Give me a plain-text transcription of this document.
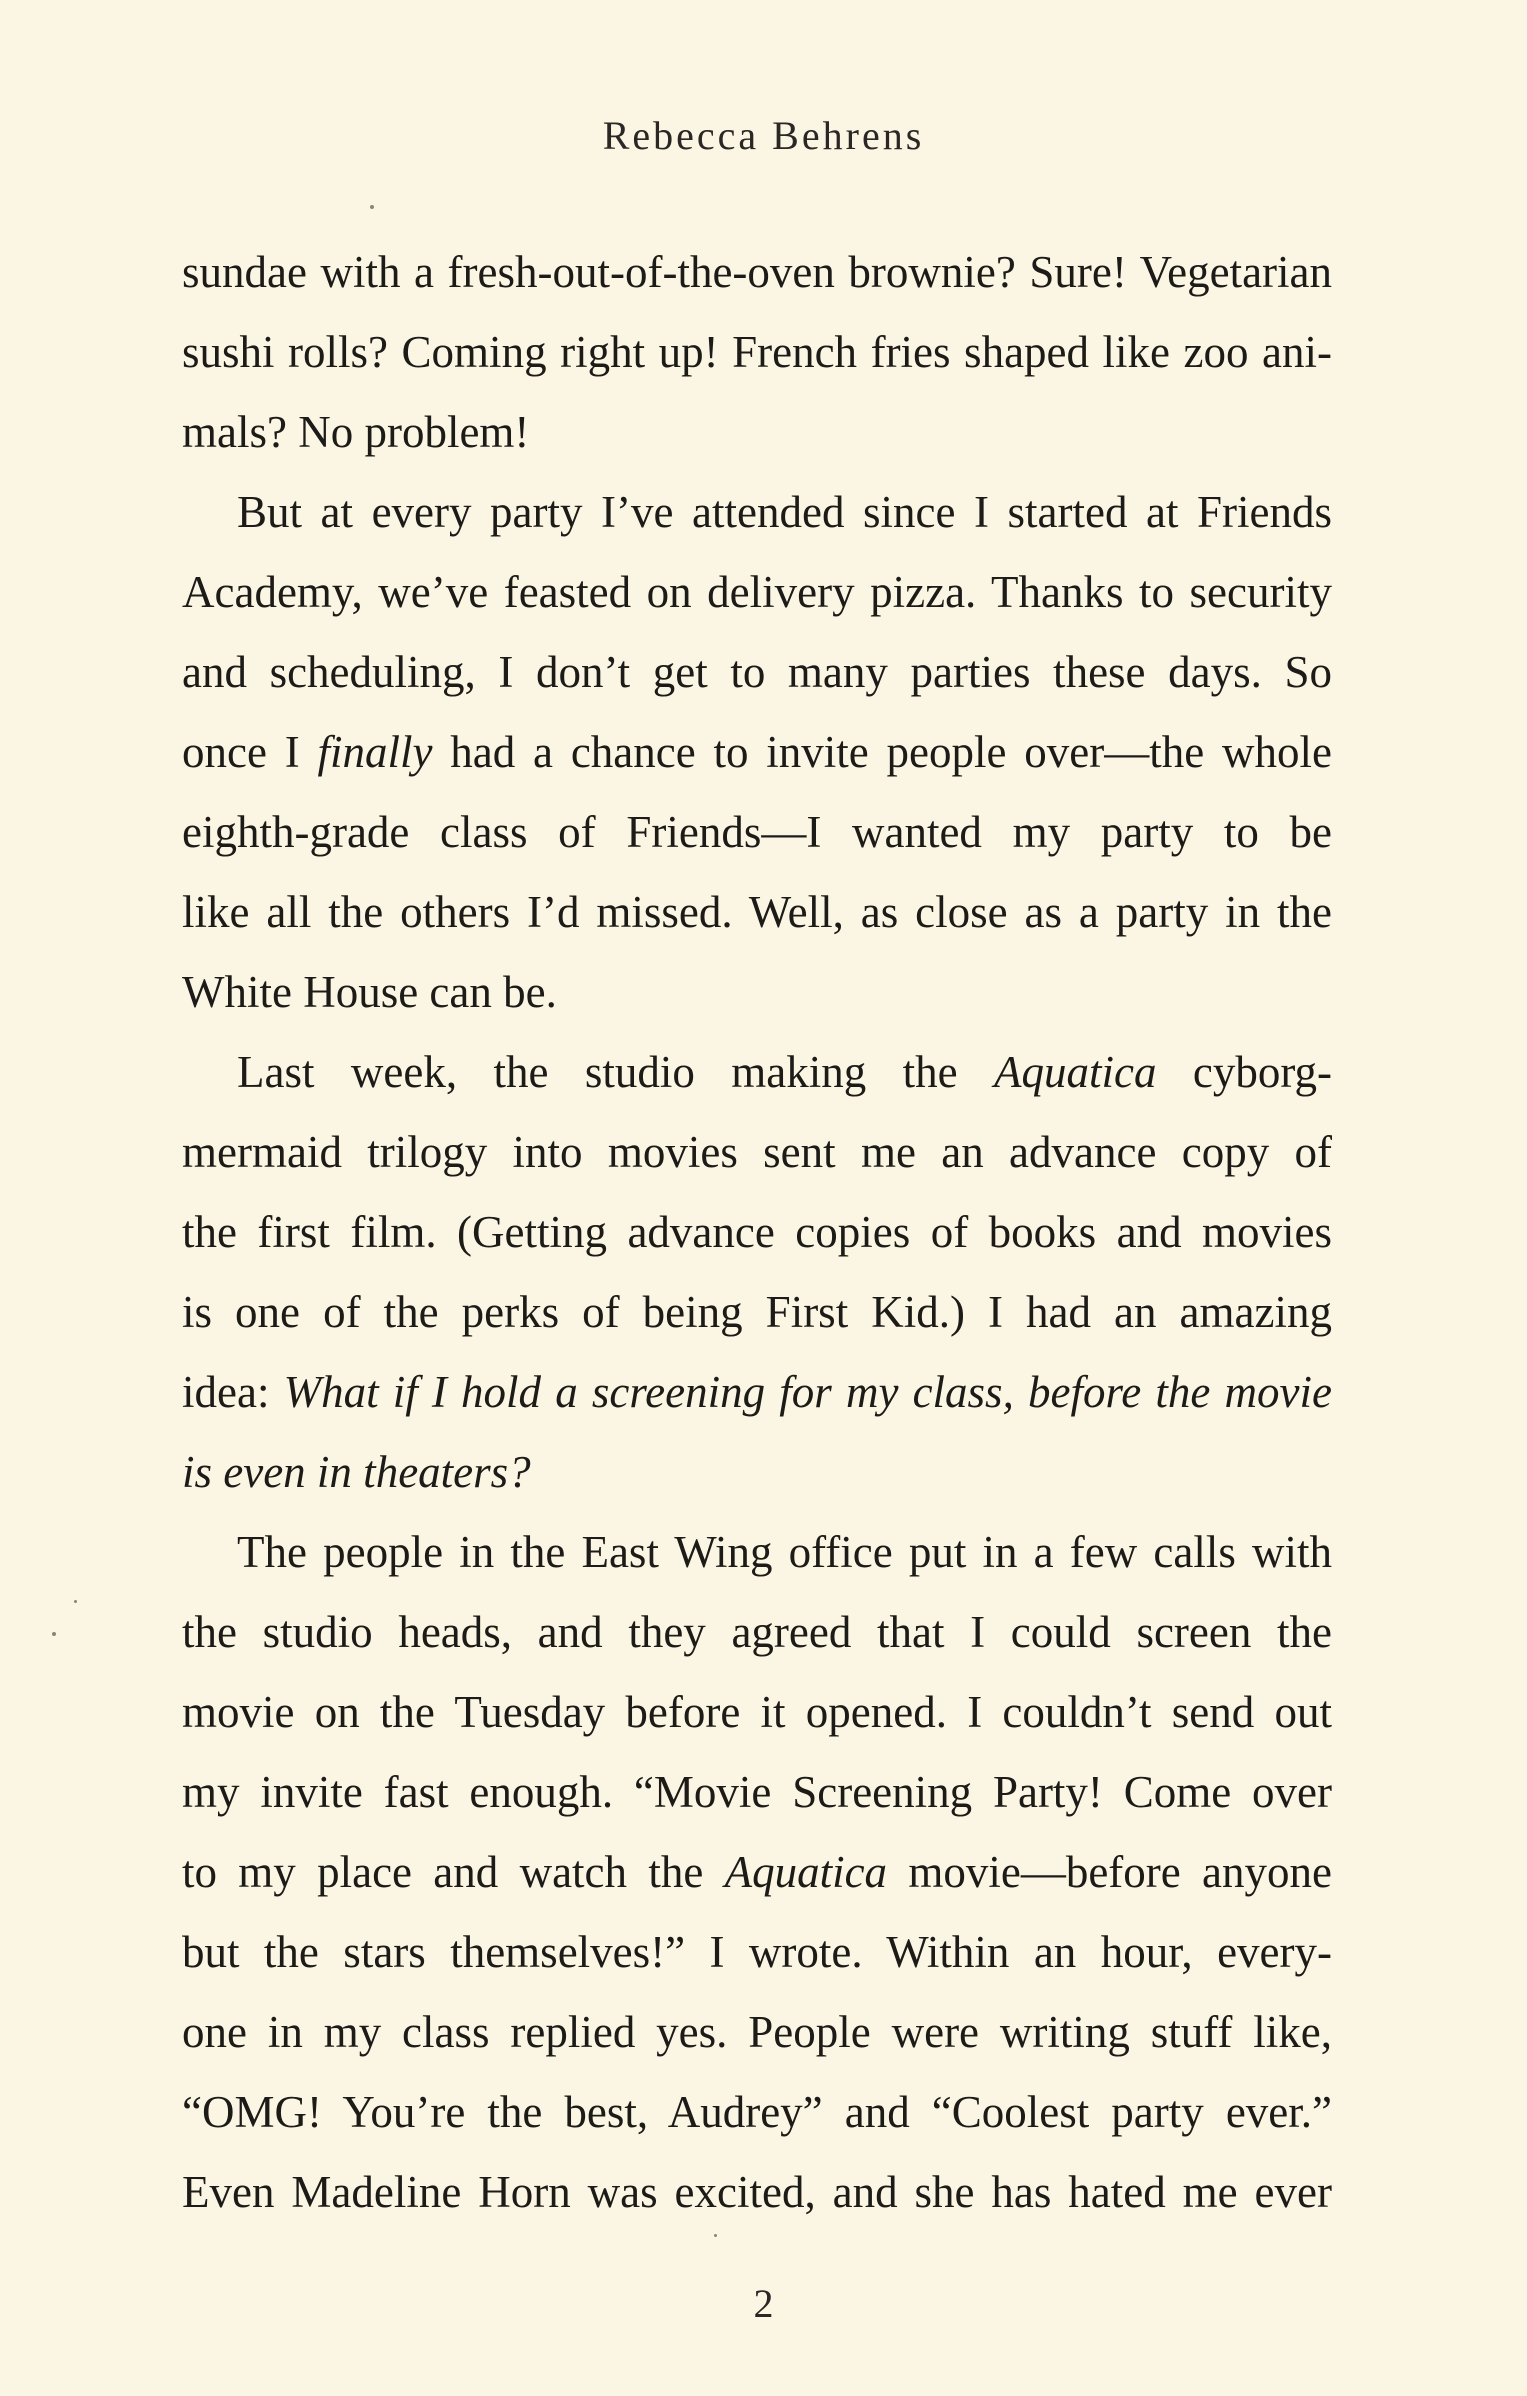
Rebecca Behrens
sundae with a fresh-out-of-the-oven brownie? Sure! Vegetarian
sushi rolls? Coming right up! French fries shaped like zoo ani-
mals? No problem!
But at every party I’ve attended since I started at Friends
Academy, we’ve feasted on delivery pizza. Thanks to security
and scheduling, I don’t get to many parties these days. So
once I finally had a chance to invite people over—the whole
eighth-grade class of Friends—I wanted my party to be
like all the others I’d missed. Well, as close as a party in the
White House can be.
Last week, the studio making the Aquatica cyborg-
mermaid trilogy into movies sent me an advance copy of
the first film. (Getting advance copies of books and movies
is one of the perks of being First Kid.) I had an amazing
idea: What if I hold a screening for my class, before the movie
is even in theaters?
The people in the East Wing office put in a few calls with
the studio heads, and they agreed that I could screen the
movie on the Tuesday before it opened. I couldn’t send out
my invite fast enough. “Movie Screening Party! Come over
to my place and watch the Aquatica movie—before anyone
but the stars themselves!” I wrote. Within an hour, every-
one in my class replied yes. People were writing stuff like,
“OMG! You’re the best, Audrey” and “Coolest party ever.”
Even Madeline Horn was excited, and she has hated me ever
2
